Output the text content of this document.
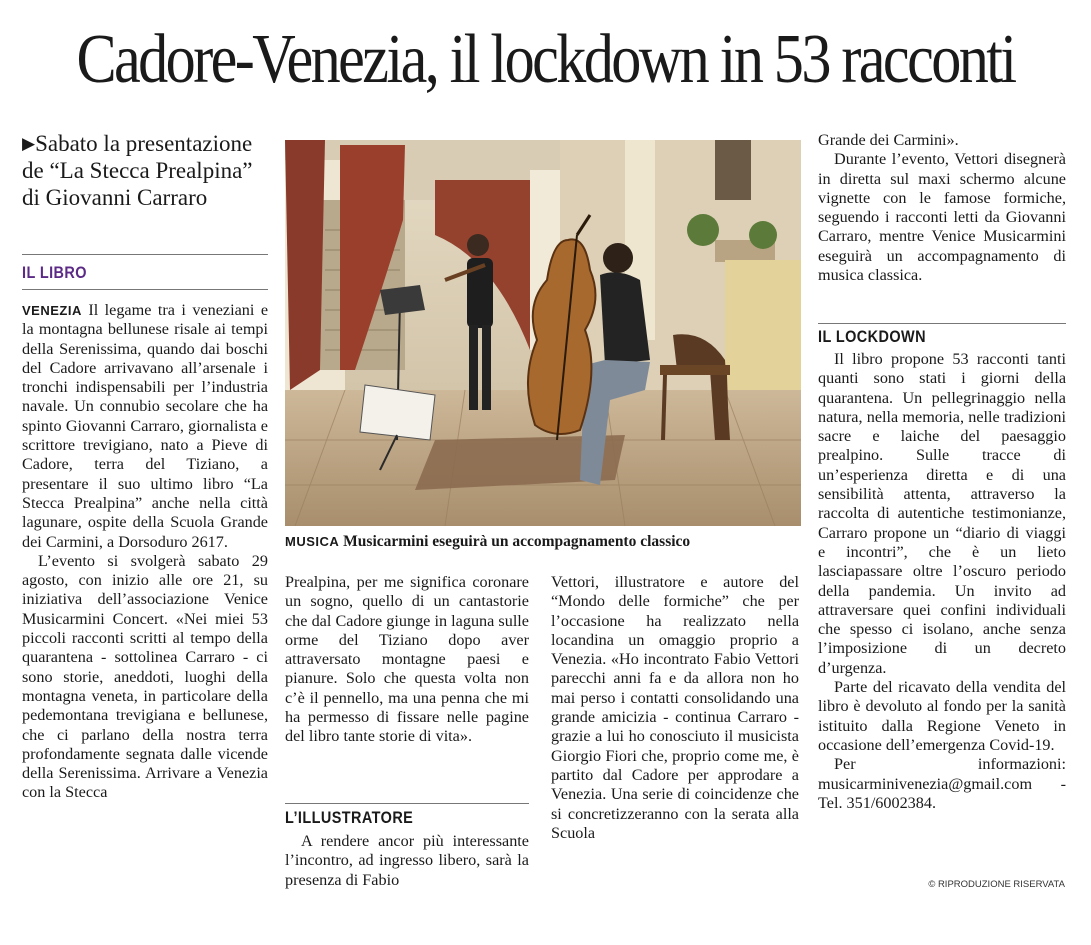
Cadore-Venezia, il lockdown in 53 racconti
▶Sabato la presentazione
de “La Stecca Prealpina”
di Giovanni Carraro
IL LIBRO

VENEZIA Il legame tra i veneziani e la montagna bellunese risale ai tempi della Serenissima, quando dai boschi del Cadore arrivavano all’arsenale i tronchi indispensabili per l’industria navale. Un connubio secolare che ha spinto Giovanni Carraro, giornalista e scrittore trevigiano, nato a Pieve di Cadore, terra del Tiziano, a presentare il suo ultimo libro “La Stecca Prealpina” anche nella città lagunare, ospite della Scuola Grande dei Carmini, a Dorsoduro 2617.

L’evento si svolgerà sabato 29 agosto, con inizio alle ore 21, su iniziativa dell’associazione Venice Musicarmini Concert. «Nei miei 53 piccoli racconti scritti al tempo della quarantena - sottolinea Carraro - ci sono storie, aneddoti, luoghi della montagna veneta, in particolare della pedemontana trevigiana e bellunese, che ci parlano della nostra terra profondamente segnata dalle vicende della Serenissima. Arrivare a Venezia con la Stecca

MUSICA Musicarmini eseguirà un accompagnamento classico

Prealpina, per me significa coronare un sogno, quello di un cantastorie che dal Cadore giunge in laguna sulle orme del Tiziano dopo aver attraversato montagne paesi e pianure. Solo che questa volta non c’è il pennello, ma una penna che mi ha permesso di fissare nelle pagine del libro tante storie di vita».

L’ILLUSTRATORE

A rendere ancor più interessante l’incontro, ad ingresso libero, sarà la presenza di Fabio

Vettori, illustratore e autore del “Mondo delle formiche” che per l’occasione ha realizzato nella locandina un omaggio proprio a Venezia. «Ho incontrato Fabio Vettori parecchi anni fa e da allora non ho mai perso i contatti consolidando una grande amicizia - continua Carraro - grazie a lui ho conosciuto il musicista Giorgio Fiori che, proprio come me, è partito dal Cadore per approdare a Venezia. Una serie di coincidenze che si concretizzeranno con la serata alla Scuola

Grande dei Carmini».

Durante l’evento, Vettori disegnerà in diretta sul maxi schermo alcune vignette con le famose formiche, seguendo i racconti letti da Giovanni Carraro, mentre Venice Musicarmini eseguirà un accompagnamento di musica classica.

IL LOCKDOWN

Il libro propone 53 racconti tanti quanti sono stati i giorni della quarantena. Un pellegrinaggio nella natura, nella memoria, nelle tradizioni sacre e laiche del paesaggio prealpino. Sulle tracce di un’esperienza diretta e di una sensibilità attenta, attraverso la raccolta di autentiche testimonianze, Carraro propone un “diario di viaggi e incontri”, che è un lieto lasciapassare oltre l’oscuro periodo della pandemia. Un invito ad attraversare quei confini individuali che spesso ci isolano, anche senza l’imposizione di un decreto d’urgenza.

Parte del ricavato della vendita del libro è devoluto al fondo per la sanità istituito dalla Regione Veneto in occasione dell’emergenza Covid-19.

Per informazioni: musicarminivenezia@gmail.com - Tel. 351/6002384.

© RIPRODUZIONE RISERVATA
